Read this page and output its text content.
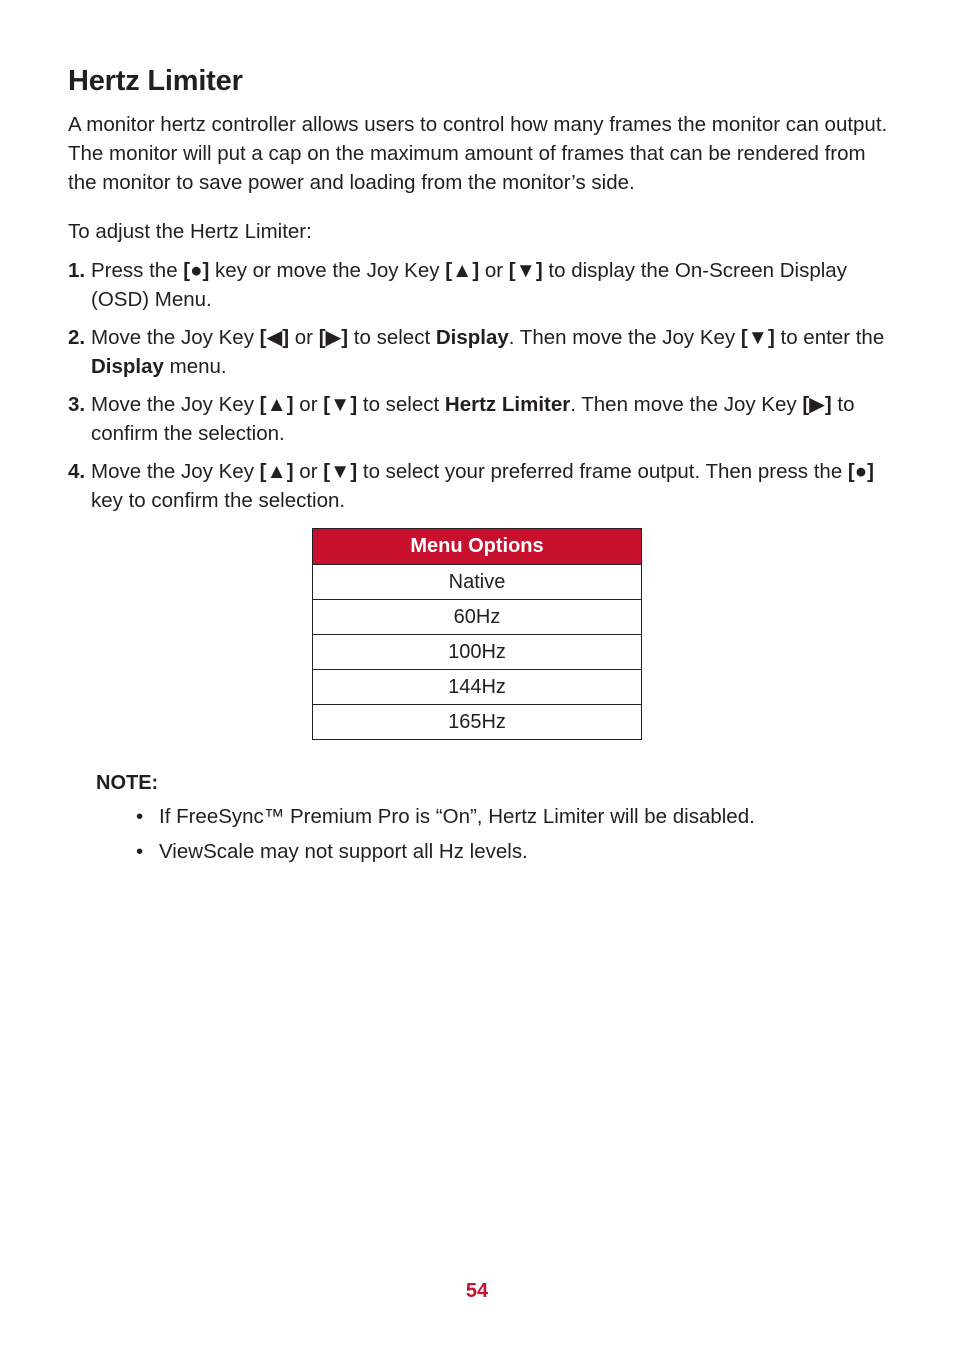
Hertz Limiter

A monitor hertz controller allows users to control how many frames the monitor can output. The monitor will put a cap on the maximum amount of frames that can be rendered from the monitor to save power and loading from the monitor’s side.

To adjust the Hertz Limiter:

1. Press the [●] key or move the Joy Key [▲] or [▼] to display the On-Screen Display (OSD) Menu.
2. Move the Joy Key [◀] or [▶] to select Display. Then move the Joy Key [▼] to enter the Display menu.
3. Move the Joy Key [▲] or [▼] to select Hertz Limiter. Then move the Joy Key [▶] to confirm the selection.
4. Move the Joy Key [▲] or [▼] to select your preferred frame output. Then press the [●] key to confirm the selection.
Menu Options
Native
60Hz
100Hz
144Hz
165Hz
NOTE:
• If FreeSync™ Premium Pro is “On”, Hertz Limiter will be disabled.
• ViewScale may not support all Hz levels.
54
